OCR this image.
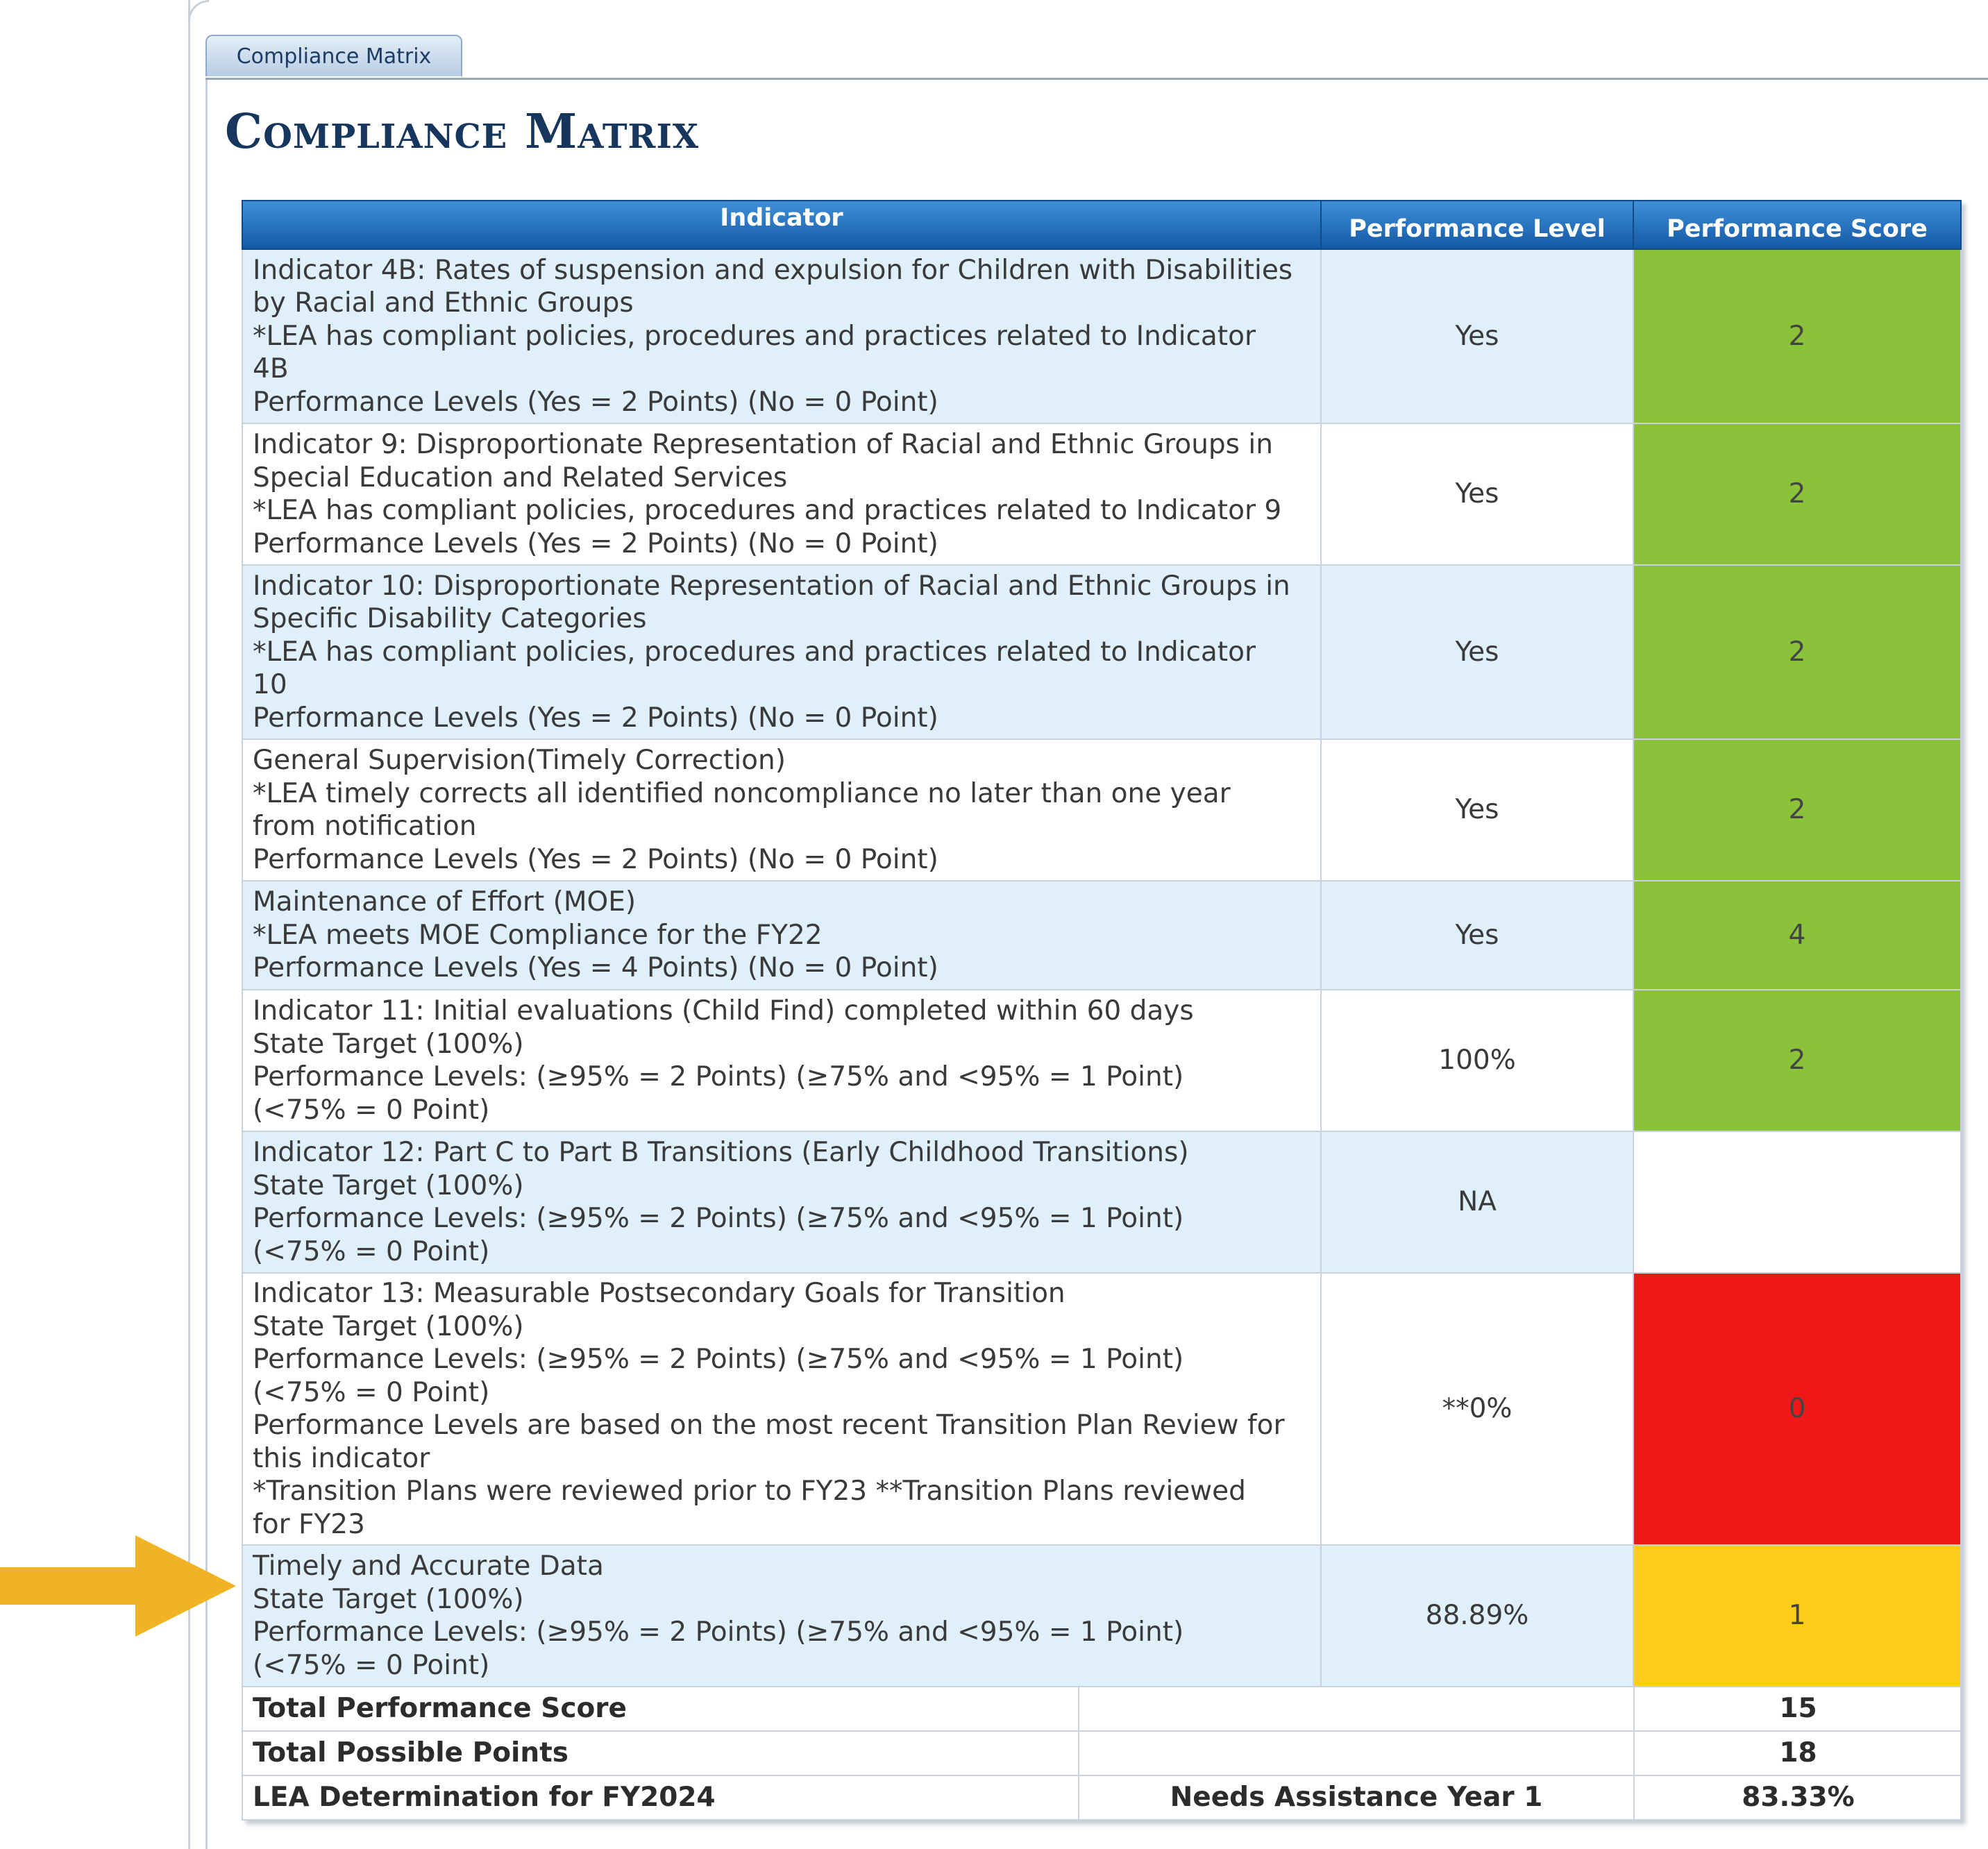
Compliance Matrix
Compliance Matrix
Indicator	Performance Level	Performance Score

Indicator 4B: Rates of suspension and expulsion for Children with Disabilities
by Racial and Ethnic Groups
*LEA has compliant policies, procedures and practices related to Indicator
4B
Performance Levels (Yes = 2 Points) (No = 0 Point)
	Yes	2

Indicator 9: Disproportionate Representation of Racial and Ethnic Groups in
Special Education and Related Services
*LEA has compliant policies, procedures and practices related to Indicator 9
Performance Levels (Yes = 2 Points) (No = 0 Point)
	Yes	2

Indicator 10: Disproportionate Representation of Racial and Ethnic Groups in
Specific Disability Categories
*LEA has compliant policies, procedures and practices related to Indicator
10
Performance Levels (Yes = 2 Points) (No = 0 Point)
	Yes	2

General Supervision(Timely Correction)
*LEA timely corrects all identified noncompliance no later than one year
from notification
Performance Levels (Yes = 2 Points) (No = 0 Point)
	Yes	2

Maintenance of Effort (MOE)
*LEA meets MOE Compliance for the FY22
Performance Levels (Yes = 4 Points) (No = 0 Point)
	Yes	4

Indicator 11: Initial evaluations (Child Find) completed within 60 days
State Target (100%)
Performance Levels: (≥95% = 2 Points) (≥75% and <95% = 1 Point)
(<75% = 0 Point)
	100%	2

Indicator 12: Part C to Part B Transitions (Early Childhood Transitions)
State Target (100%)
Performance Levels: (≥95% = 2 Points) (≥75% and <95% = 1 Point)
(<75% = 0 Point)
	NA	

Indicator 13: Measurable Postsecondary Goals for Transition
State Target (100%)
Performance Levels: (≥95% = 2 Points) (≥75% and <95% = 1 Point)
(<75% = 0 Point)
Performance Levels are based on the most recent Transition Plan Review for
this indicator
*Transition Plans were reviewed prior to FY23 **Transition Plans reviewed
for FY23
	**0%	0

Timely and Accurate Data
State Target (100%)
Performance Levels: (≥95% = 2 Points) (≥75% and <95% = 1 Point)
(<75% = 0 Point)
	88.89%	1

Total Performance Score		15

Total Possible Points		18

LEA Determination for FY2024	Needs Assistance Year 1	83.33%
